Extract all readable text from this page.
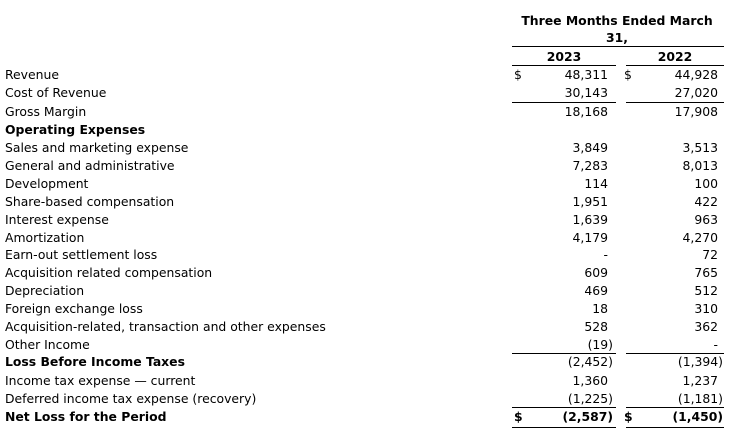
Three Months Ended March 31,
2023	2022
Revenue	$	48,311 $	44,928
Cost of Revenue	30,143	27,020
Gross Margin	18,168	17,908
Operating Expenses
Sales and marketing expense	3,849	3,513
General and administrative	7,283	8,013
Development	114	100
Share-based compensation	1,951	422
Interest expense	1,639	963
Amortization	4,179	4,270
Earn-out settlement loss	-	72
Acquisition related compensation	609	765
Depreciation	469	512
Foreign exchange loss	18	310
Acquisition-related, transaction and other expenses	528	362
Other Income	(19)	-
Loss Before Income Taxes	(2,452)	(1,394)
Income tax expense — current	1,360	1,237
Deferred income tax expense (recovery)	(1,225)	(1,181)
Net Loss for the Period	$	(2,587) $	(1,450)
